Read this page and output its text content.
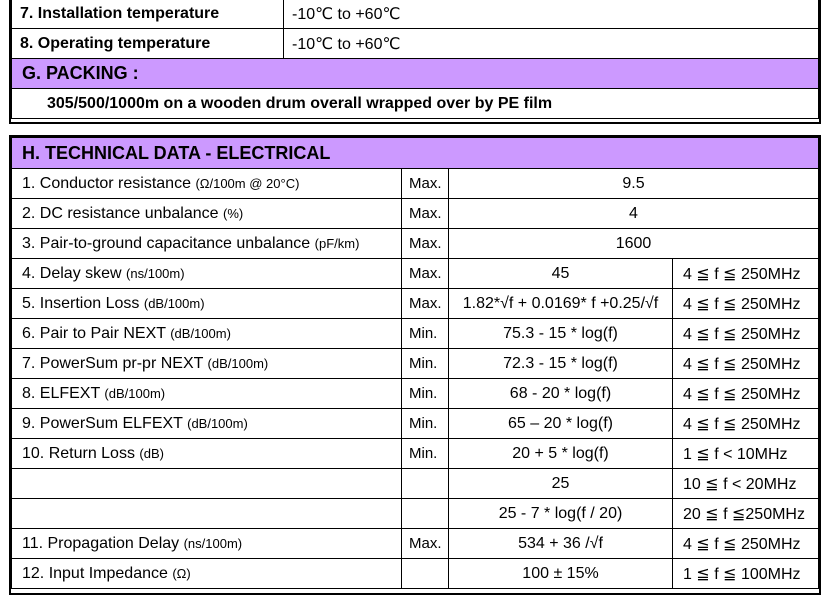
7. Installation temperature	-10℃ to +60℃
8. Operating temperature	-10℃ to +60℃
G. PACKING :	
305/500/1000m on a wooden drum overall wrapped over by PE film	
H. TECHNICAL DATA - ELECTRICAL			
1. Conductor resistance (Ω/100m @ 20°C)	Max.	9.5	
2. DC resistance unbalance (%)	Max.	4	
3. Pair-to-ground capacitance unbalance (pF/km)	Max.	1600	
4. Delay skew (ns/100m)	Max.	45	4 ≦ f ≦ 250MHz
5. Insertion Loss (dB/100m)	Max.	1.82*√f + 0.0169* f +0.25/√f	4 ≦ f ≦ 250MHz
6. Pair to Pair NEXT (dB/100m)	Min.	75.3 - 15 * log(f)	4 ≦ f ≦ 250MHz
7. PowerSum pr-pr NEXT (dB/100m)	Min.	72.3 - 15 * log(f)	4 ≦ f ≦ 250MHz
8. ELFEXT (dB/100m)	Min.	68 - 20 * log(f)	4 ≦ f ≦ 250MHz
9. PowerSum ELFEXT (dB/100m)	Min.	65 – 20 * log(f)	4 ≦ f ≦ 250MHz
10. Return Loss (dB)	Min.	20 + 5 * log(f)	1 ≦ f < 10MHz
		25	10 ≦ f < 20MHz
		25 - 7 * log(f / 20)	20 ≦ f ≦250MHz
11. Propagation Delay (ns/100m)	Max.	534 + 36 /√f	4 ≦ f ≦ 250MHz
12. Input Impedance (Ω)		100 ± 15%	1 ≦ f ≦ 100MHz
